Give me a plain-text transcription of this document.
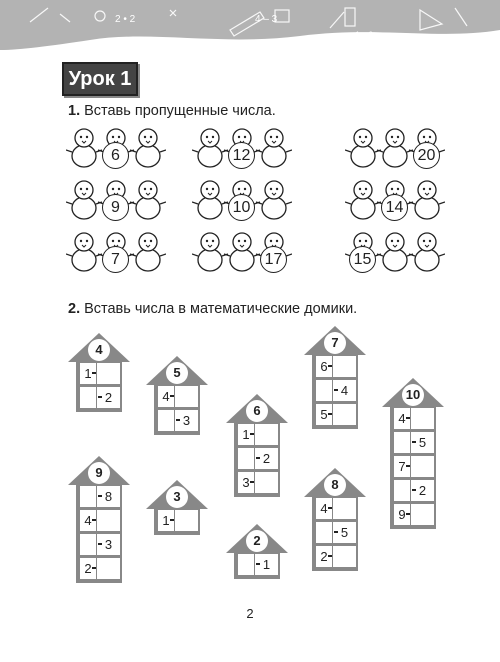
2 • 2	4 – 3
1 • 6
Урок 1
1. Вставь пропущенные числа.
6	12	20
9	10	14
7	17	15
2. Вставь числа в математические домики.
4
1
2
5
4
3
6
1
2
3
7
6
4
5
10
4
5
7
2
9
9
8
4
3
2
3
1
2
1
8
4
5
2
2
